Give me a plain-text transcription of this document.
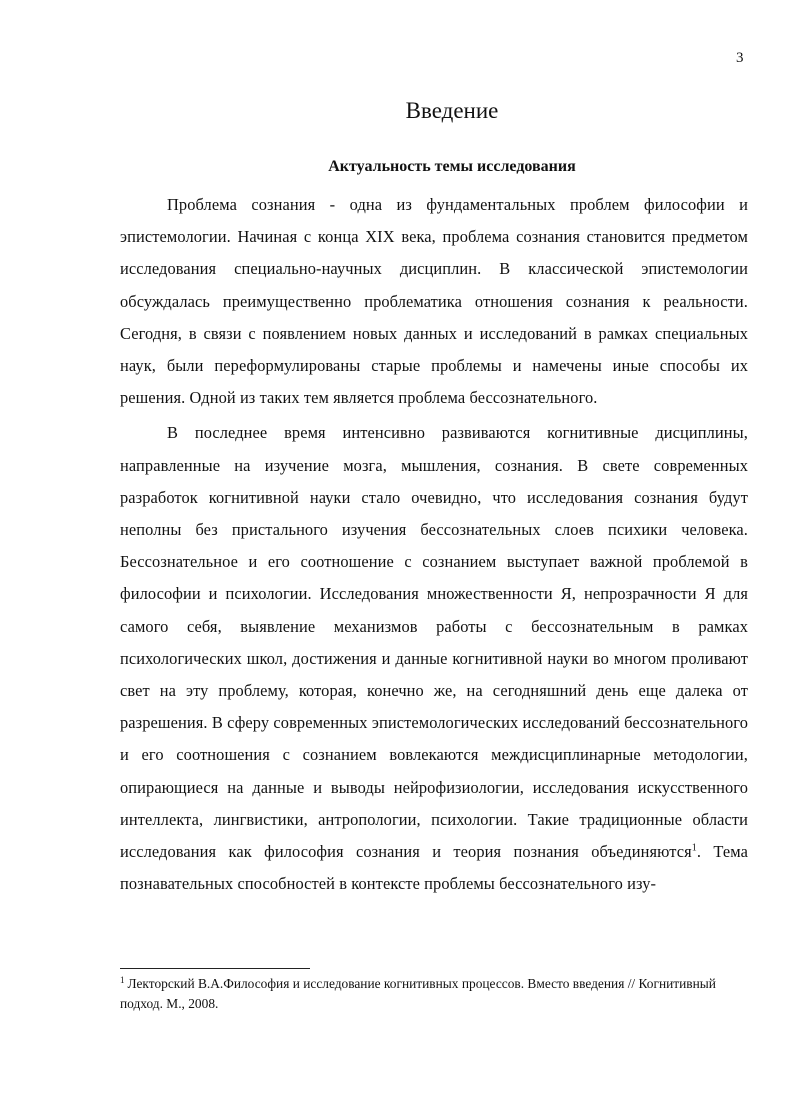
3
Введение
Актуальность темы исследования

Проблема сознания - одна из фундаментальных проблем философии и эпистемологии. Начиная с конца XIX века, проблема сознания становится предметом исследования специально-научных дисциплин. В классической эпистемологии обсуждалась преимущественно проблематика отношения сознания к реальности. Сегодня, в связи с появлением новых данных и исследований в рамках специальных наук, были переформулированы старые проблемы и намечены иные способы их решения. Одной из таких тем является проблема бессознательного.

В последнее время интенсивно развиваются когнитивные дисциплины, направленные на изучение мозга, мышления, сознания. В свете современных разработок когнитивной науки стало очевидно, что исследования сознания будут неполны без пристального изучения бессознательных слоев психики человека. Бессознательное и его соотношение с сознанием выступает важной проблемой в философии и психологии. Исследования множественности Я, непрозрачности Я для самого себя, выявление механизмов работы с бессознательным в рамках психологических школ, достижения и данные когнитивной науки во многом проливают свет на эту проблему, которая, конечно же, на сегодняшний день еще далека от разрешения. В сферу современных эпистемологических исследований бессознательного и его соотношения с сознанием вовлекаются междисциплинарные методологии, опирающиеся на данные и выводы нейрофизиологии, исследования искусственного интеллекта, лингвистики, антропологии, психологии. Такие традиционные области исследования как философия сознания и теория познания объединяются$^1$. Тема познавательных способностей в контексте проблемы бессознательного изу-

$^1$ Лекторский В.А.Философия и исследование когнитивных процессов. Вместо введения // Когнитивный подход. М., 2008.
